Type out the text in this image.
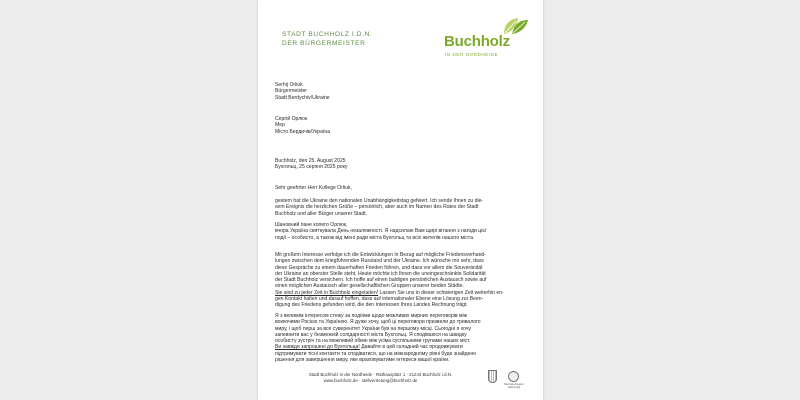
STADT BUCHHOLZ I.D.N.
DER BÜRGERMEISTER	Buchholz
IN DER NORDHEIDE
Serhij Orliuk
Bürgermeister
Stadt Berdychiv/Ukraine
Сергій Орлюк
Мер
Місто Бердичів/Україна
Buchholz, den 25. August 2025
Бухгольц, 25 серпня 2025 року
Sehr geehrter Herr Kollege Orliuk,
gestern hat die Ukraine den nationalen Unabhängigkeitstag gefeiert. Ich sende Ihnen zu die-
sem Ereignis die herzlichen Grüße – persönlich, aber auch im Namen des Rates der Stadt
Buchholz und aller Bürger unserer Stadt.
Шановний пане колего Орлюк,
вчора Україна святкувала День незалежності. Я надсилаю Вам щирі вітання з нагоди цієї
події – особисто, а також від імені ради міста Бухгольц та всіх жителів нашого міста.
Mit großem Interesse verfolge ich die Entwicklungen in Bezug auf mögliche Friedensverhand-
lungen zwischen dem kriegführenden Russland und der Ukraine. Ich wünsche mir sehr, dass
diese Gespräche zu einem dauerhaften Frieden führen, und dass vor allem die Souveränität
der Ukraine an oberster Stelle steht. Heute möchte ich Ihnen die uneingeschränkte Solidarität
der Stadt Buchholz versichern. Ich hoffe auf einen baldigen persönlichen Austausch sowie auf
einen möglichen Austausch aller gesellschaftlichen Gruppen unserer beiden Städte.
Sie sind zu jeder Zeit in Buchholz eingeladen! Lassen Sie uns in dieser schwierigen Zeit weiterhin en-
gen Kontakt halten und darauf hoffen, dass auf internationaler Ebene eine Lösung zur Been-
digung des Friedens gefunden wird, die den Interessen Ihres Landes Rechnung trägt.
Я з великим інтересом стежу за подіями щодо можливих мирних переговорів між
воюючими Росією та Україною. Я дуже хочу, щоб ці переговори призвели до тривалого
миру, і щоб перш за все суверенітет України був на першому місці. Сьогодні я хочу
запевнити вас у безмежній солідарності міста Бухгольц. Я сподіваюся на швидку
особисту зустріч та на можливий обмін між усіма суспільними групами наших міст.
Ви завжди запрошені до Бухгольца! Давайте в цей складний час продовжувати
підтримувати тісні контакти та сподіватися, що на міжнародному рівні буде знайдено
рішення для завершення миру, яке враховуватиме інтереси вашої країни.
Stadt Buchholz in der Nordheide · Rathausplatz 1 · 21244 Buchholz i.d.N.
www.buchholz.de · stellvertretung@buchholz.de
Metropolregion
Hamburg
